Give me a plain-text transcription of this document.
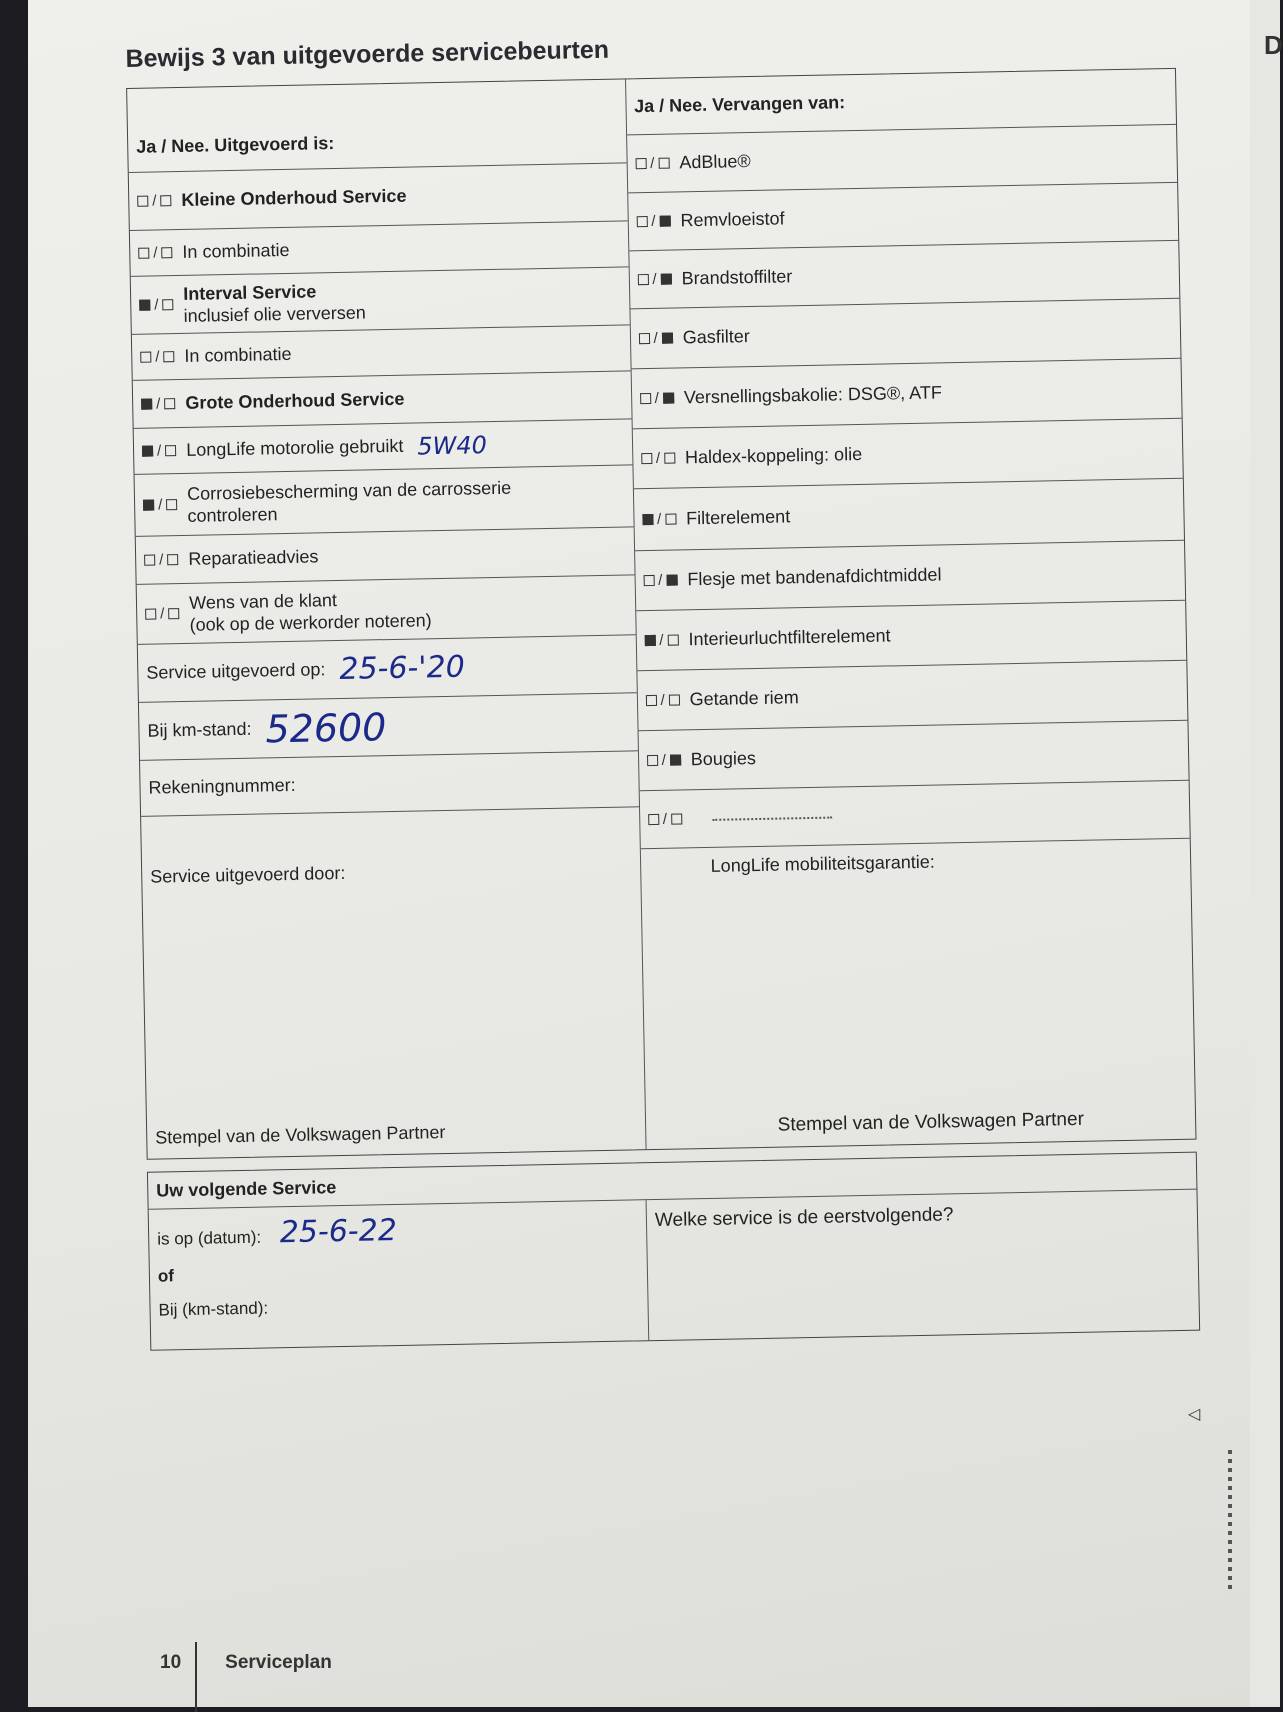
D
Bewijs 3 van uitgevoerde servicebeurten
Ja / Nee. Uitgevoerd is:
/ Kleine Onderhoud Service
/ In combinatie
/
Interval Service
inclusief olie verversen
/ In combinatie
/ Grote Onderhoud Service
/ LongLife motorolie gebruikt 5W40
/
Corrosiebescherming van de carrosserie
controleren
/ Reparatieadvies
/
Wens van de klant
(ook op de werkorder noteren)
Service uitgevoerd op: 25-6-'20
Bij km-stand: 52600
Rekeningnummer:
Ja / Nee. Vervangen van:
/ AdBlue®
/ Remvloeistof
/ Brandstoffilter
/ Gasfilter
/ Versnellingsbakolie: DSG®, ATF
/ Haldex-koppeling: olie
/ Filterelement
/ Flesje met bandenafdichtmiddel
/ Interieurluchtfilterelement
/ Getande riem
/ Bougies
/
Service uitgevoerd door:
Stempel van de Volkswagen Partner
LongLife mobiliteitsgarantie:
Stempel van de Volkswagen Partner
Uw volgende Service
is op (datum): 25-6-22
of
Bij (km-stand):
Welke service is de eerstvolgende?
◁
10 Serviceplan
